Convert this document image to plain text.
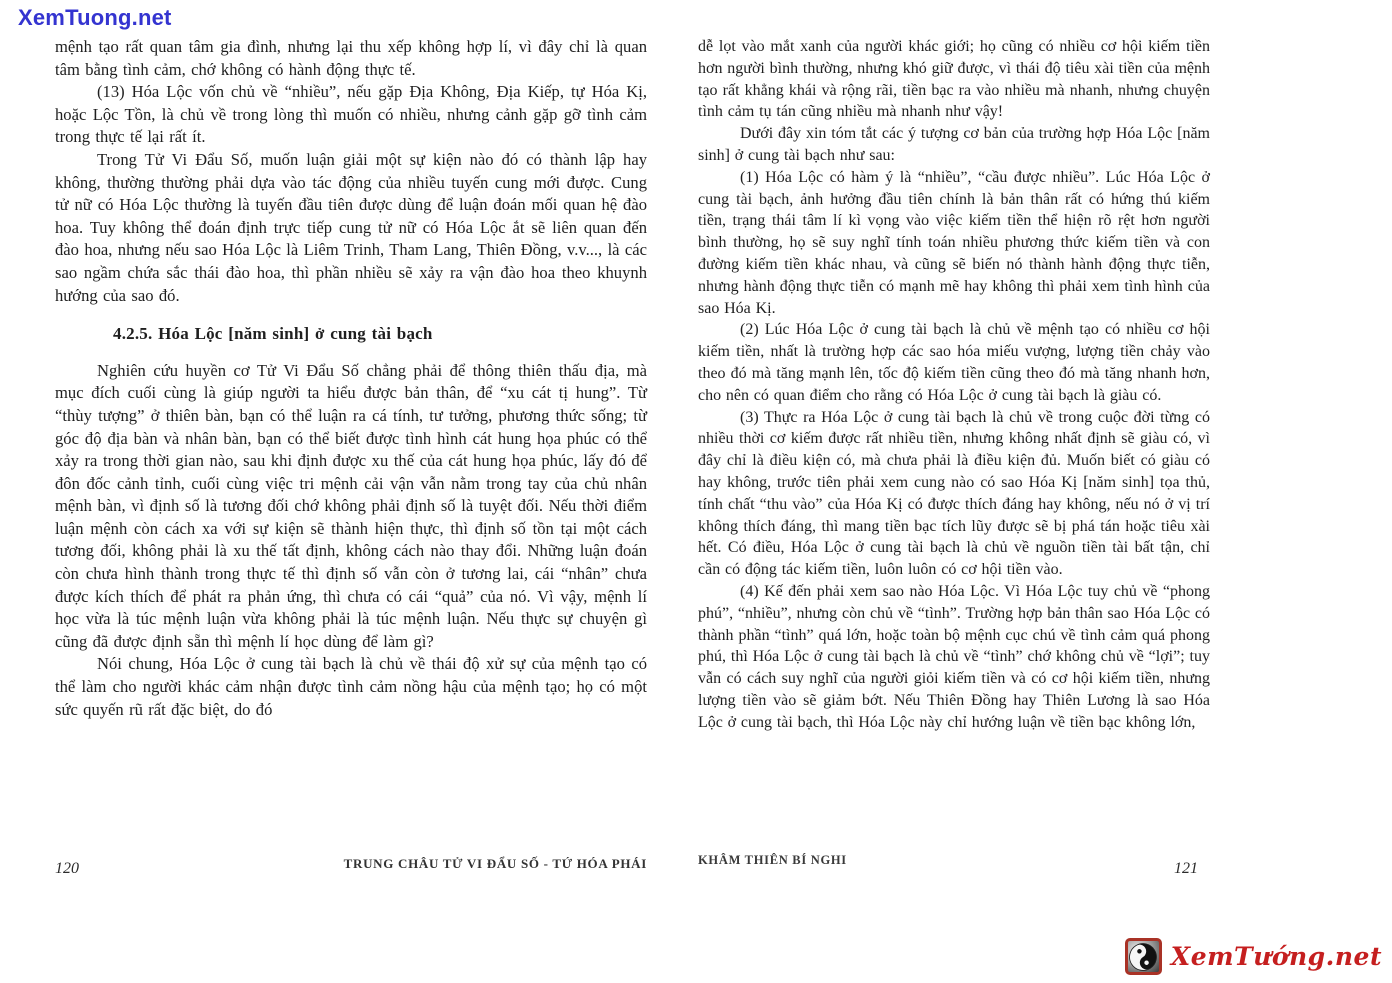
XemTuong.net

mệnh tạo rất quan tâm gia đình, nhưng lại thu xếp không hợp lí, vì đây chỉ là quan tâm bằng tình cảm, chớ không có hành động thực tế.

(13) Hóa Lộc vốn chủ về “nhiều”, nếu gặp Địa Không, Địa Kiếp, tự Hóa Kị, hoặc Lộc Tồn, là chủ về trong lòng thì muốn có nhiều, nhưng cảnh gặp gỡ tình cảm trong thực tế lại rất ít.

Trong Tử Vi Đẩu Số, muốn luận giải một sự kiện nào đó có thành lập hay không, thường thường phải dựa vào tác động của nhiều tuyến cung mới được. Cung tử nữ có Hóa Lộc thường là tuyến đầu tiên được dùng để luận đoán mối quan hệ đào hoa. Tuy không thể đoán định trực tiếp cung tử nữ có Hóa Lộc ắt sẽ liên quan đến đào hoa, nhưng nếu sao Hóa Lộc là Liêm Trinh, Tham Lang, Thiên Đồng, v.v..., là các sao ngầm chứa sắc thái đào hoa, thì phần nhiều sẽ xảy ra vận đào hoa theo khuynh hướng của sao đó.

4.2.5. Hóa Lộc [năm sinh] ở cung tài bạch

Nghiên cứu huyền cơ Tử Vi Đẩu Số chẳng phải để thông thiên thấu địa, mà mục đích cuối cùng là giúp người ta hiểu được bản thân, để “xu cát tị hung”. Từ “thùy tượng” ở thiên bàn, bạn có thể luận ra cá tính, tư tưởng, phương thức sống; từ góc độ địa bàn và nhân bàn, bạn có thể biết được tình hình cát hung họa phúc có thể xảy ra trong thời gian nào, sau khi định được xu thế của cát hung họa phúc, lấy đó để đôn đốc cảnh tỉnh, cuối cùng việc tri mệnh cải vận vẫn nằm trong tay của chủ nhân mệnh bàn, vì định số là tương đối chớ không phải định số là tuyệt đối. Nếu thời điểm luận mệnh còn cách xa với sự kiện sẽ thành hiện thực, thì định số tồn tại một cách tương đối, không phải là xu thế tất định, không cách nào thay đổi. Những luận đoán còn chưa hình thành trong thực tế thì định số vẫn còn ở tương lai, cái “nhân” chưa được kích thích để phát ra phản ứng, thì chưa có cái “quả” của nó. Vì vậy, mệnh lí học vừa là túc mệnh luận vừa không phải là túc mệnh luận. Nếu thực sự chuyện gì cũng đã được định sẵn thì mệnh lí học dùng để làm gì?

Nói chung, Hóa Lộc ở cung tài bạch là chủ về thái độ xử sự của mệnh tạo có thể làm cho người khác cảm nhận được tình cảm nồng hậu của mệnh tạo; họ có một sức quyến rũ rất đặc biệt, do đó

dễ lọt vào mắt xanh của người khác giới; họ cũng có nhiều cơ hội kiếm tiền hơn người bình thường, nhưng khó giữ được, vì thái độ tiêu xài tiền của mệnh tạo rất khẳng khái và rộng rãi, tiền bạc ra vào nhiều mà nhanh, nhưng chuyện tình cảm tụ tán cũng nhiều mà nhanh như vậy!

Dưới đây xin tóm tắt các ý tượng cơ bản của trường hợp Hóa Lộc [năm sinh] ở cung tài bạch như sau:

(1) Hóa Lộc có hàm ý là “nhiều”, “cầu được nhiều”. Lúc Hóa Lộc ở cung tài bạch, ảnh hưởng đầu tiên chính là bản thân rất có hứng thú kiếm tiền, trạng thái tâm lí kì vọng vào việc kiếm tiền thể hiện rõ rệt hơn người bình thường, họ sẽ suy nghĩ tính toán nhiều phương thức kiếm tiền và con đường kiếm tiền khác nhau, và cũng sẽ biến nó thành hành động thực tiễn, nhưng hành động thực tiễn có mạnh mẽ hay không thì phải xem tình hình của sao Hóa Kị.

(2) Lúc Hóa Lộc ở cung tài bạch là chủ về mệnh tạo có nhiều cơ hội kiếm tiền, nhất là trường hợp các sao hóa miếu vượng, lượng tiền chảy vào theo đó mà tăng mạnh lên, tốc độ kiếm tiền cũng theo đó mà tăng nhanh hơn, cho nên có quan điểm cho rằng có Hóa Lộc ở cung tài bạch là giàu có.

(3) Thực ra Hóa Lộc ở cung tài bạch là chủ về trong cuộc đời từng có nhiều thời cơ kiếm được rất nhiều tiền, nhưng không nhất định sẽ giàu có, vì đây chỉ là điều kiện có, mà chưa phải là điều kiện đủ. Muốn biết có giàu có hay không, trước tiên phải xem cung nào có sao Hóa Kị [năm sinh] tọa thủ, tính chất “thu vào” của Hóa Kị có được thích đáng hay không, nếu nó ở vị trí không thích đáng, thì mang tiền bạc tích lũy được sẽ bị phá tán hoặc tiêu xài hết. Có điều, Hóa Lộc ở cung tài bạch là chủ về nguồn tiền tài bất tận, chỉ cần có động tác kiếm tiền, luôn luôn có cơ hội tiền vào.

(4) Kế đến phải xem sao nào Hóa Lộc. Vì Hóa Lộc tuy chủ về “phong phú”, “nhiều”, nhưng còn chủ về “tình”. Trường hợp bản thân sao Hóa Lộc có thành phần “tình” quá lớn, hoặc toàn bộ mệnh cục chú về tình cảm quá phong phú, thì Hóa Lộc ở cung tài bạch là chủ về “tình” chớ không chủ về “lợi”; tuy vẫn có cách suy nghĩ của người giỏi kiếm tiền và có cơ hội kiếm tiền, nhưng lượng tiền vào sẽ giảm bớt. Nếu Thiên Đồng hay Thiên Lương là sao Hóa Lộc ở cung tài bạch, thì Hóa Lộc này chỉ hướng luận về tiền bạc không lớn,

120	TRUNG CHÂU TỬ VI ĐẨU SỐ - TỨ HÓA PHÁI	KHÂM THIÊN BÍ NGHI	121
XemTướng.net
